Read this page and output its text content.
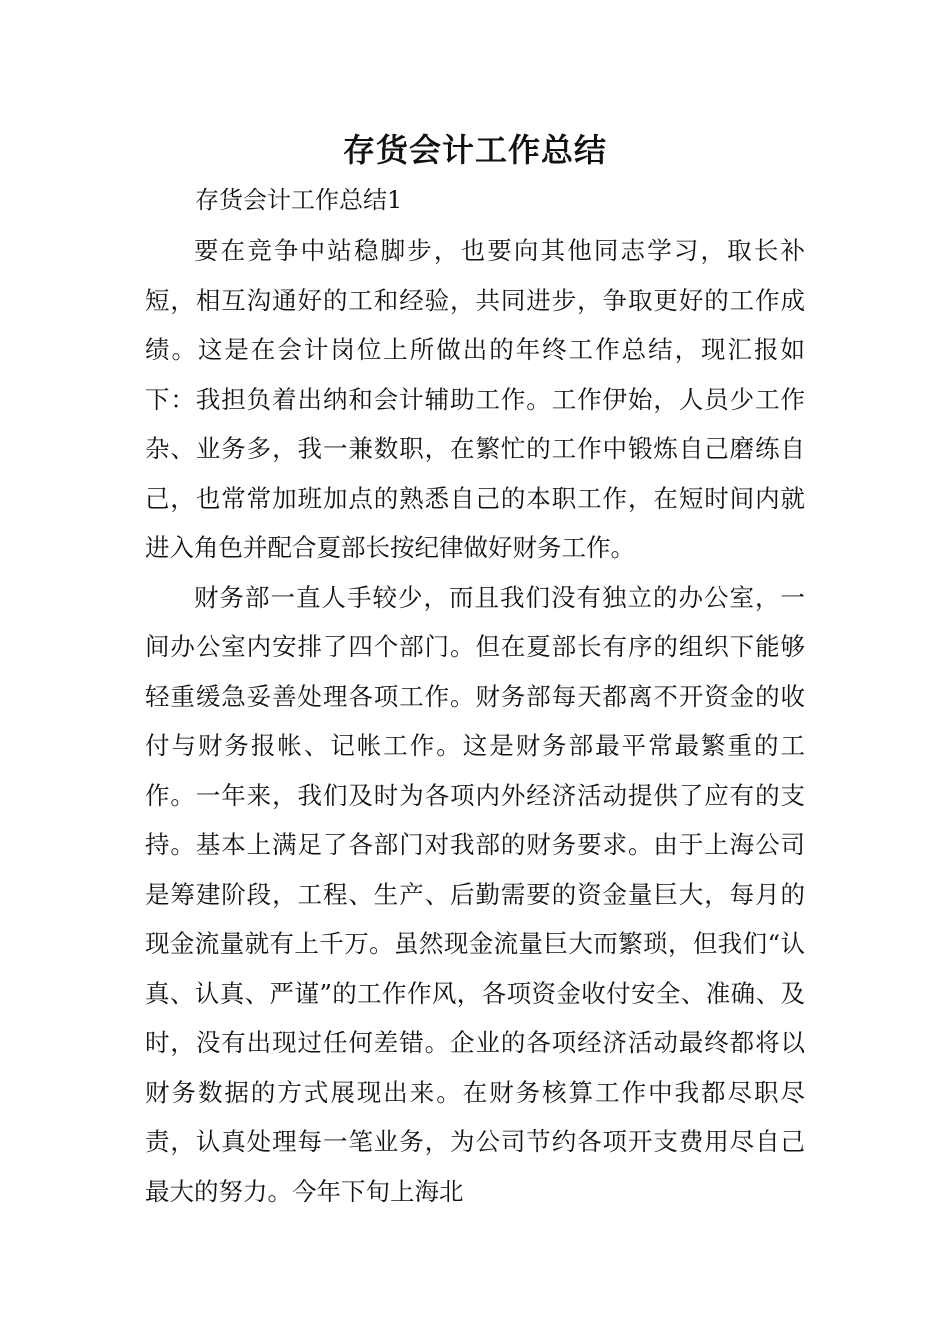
存货会计工作总结
存货会计工作总结1

要在竞争中站稳脚步，也要向其他同志学习，取长补短，相互沟通好的工和经验，共同进步，争取更好的工作成绩。这是在会计岗位上所做出的年终工作总结，现汇报如下：我担负着出纳和会计辅助工作。工作伊始，人员少工作杂、业务多，我一兼数职，在繁忙的工作中锻炼自己磨练自己，也常常加班加点的熟悉自己的本职工作，在短时间内就进入角色并配合夏部长按纪律做好财务工作。

财务部一直人手较少，而且我们没有独立的办公室，一间办公室内安排了四个部门。但在夏部长有序的组织下能够轻重缓急妥善处理各项工作。财务部每天都离不开资金的收付与财务报帐、记帐工作。这是财务部最平常最繁重的工作。一年来，我们及时为各项内外经济活动提供了应有的支持。基本上满足了各部门对我部的财务要求。由于上海公司是筹建阶段，工程、生产、后勤需要的资金量巨大，每月的现金流量就有上千万。虽然现金流量巨大而繁琐，但我们“认真、认真、严谨”的工作作风，各项资金收付安全、准确、及时，没有出现过任何差错。企业的各项经济活动最终都将以财务数据的方式展现出来。在财务核算工作中我都尽职尽责，认真处理每一笔业务，为公司节约各项开支费用尽自己最大的努力。今年下旬上海北
